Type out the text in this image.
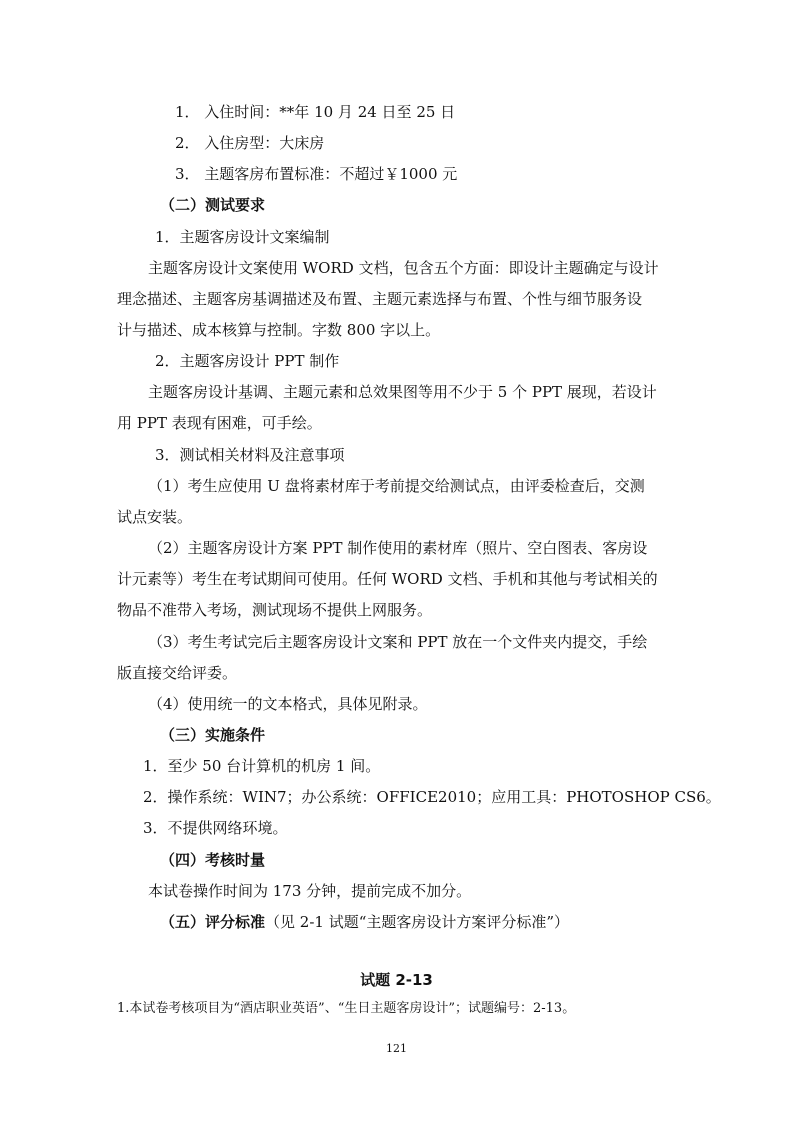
1． 入住时间：**年 10 月 24 日至 25 日
2． 入住房型：大床房
3． 主题客房布置标准：不超过￥1000 元
（二）测试要求
1．主题客房设计文案编制
主题客房设计文案使用 WORD 文档，包含五个方面：即设计主题确定与设计
理念描述、主题客房基调描述及布置、主题元素选择与布置、个性与细节服务设
计与描述、成本核算与控制。字数 800 字以上。
2．主题客房设计 PPT 制作
主题客房设计基调、主题元素和总效果图等用不少于 5 个 PPT 展现，若设计
用 PPT 表现有困难，可手绘。
3．测试相关材料及注意事项
（1）考生应使用 U 盘将素材库于考前提交给测试点，由评委检查后，交测
试点安装。
（2）主题客房设计方案 PPT 制作使用的素材库（照片、空白图表、客房设
计元素等）考生在考试期间可使用。任何 WORD 文档、手机和其他与考试相关的
物品不准带入考场，测试现场不提供上网服务。
（3）考生考试完后主题客房设计文案和 PPT 放在一个文件夹内提交，手绘
版直接交给评委。
（4）使用统一的文本格式，具体见附录。
（三）实施条件
1．至少 50 台计算机的机房 1 间。
2．操作系统：WIN7；办公系统：OFFICE2010；应用工具：PHOTOSHOP CS6。
3．不提供网络环境。
（四）考核时量
本试卷操作时间为 173 分钟，提前完成不加分。
（五）评分标准（见 2-1 试题“主题客房设计方案评分标准”）
试题 2-13
1.本试卷考核项目为“酒店职业英语”、“生日主题客房设计”；试题编号：2-13。
121
